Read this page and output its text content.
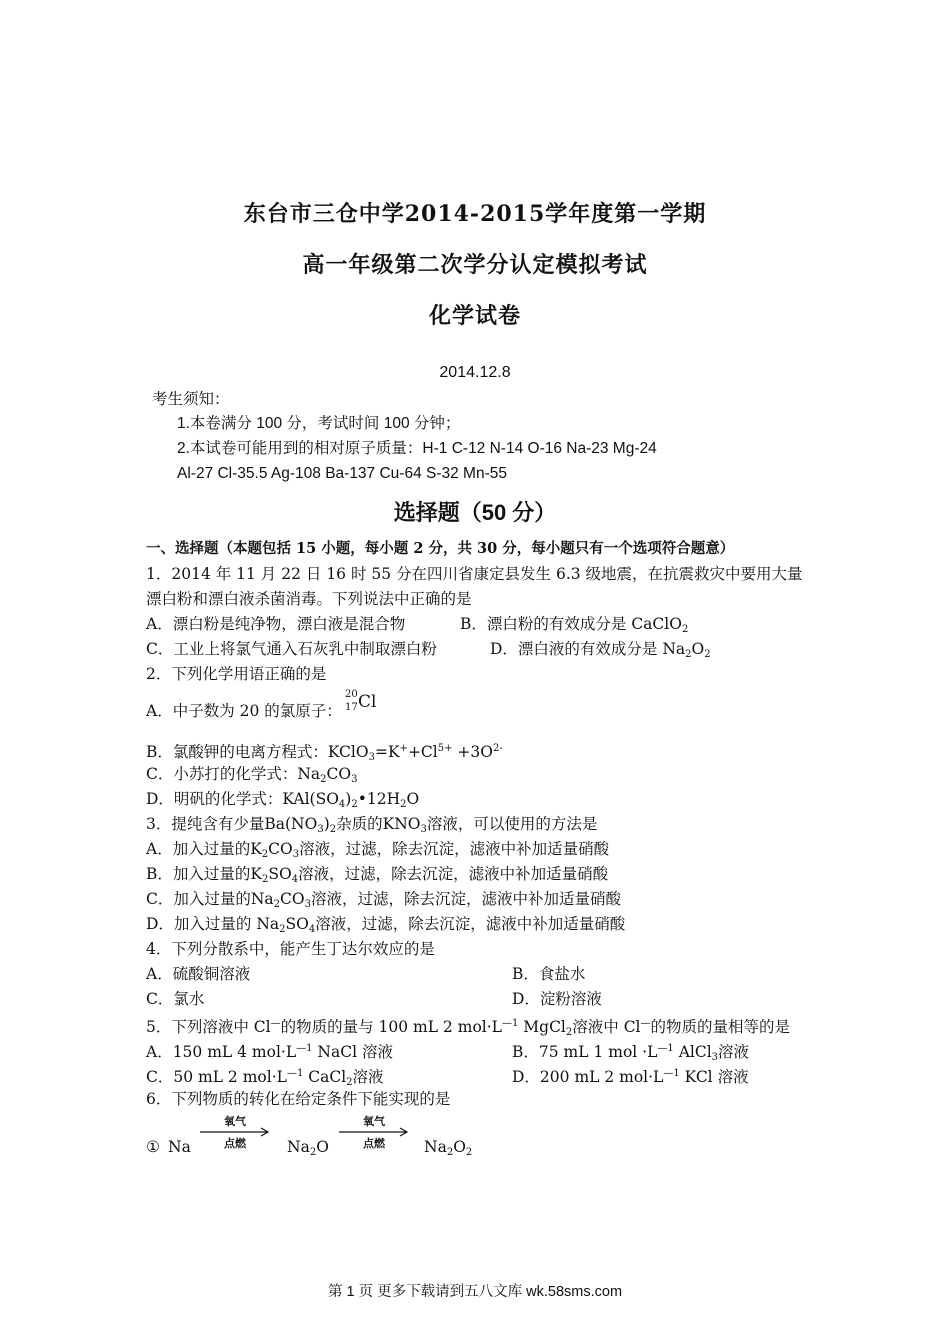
东台市三仓中学2014-2015学年度第一学期
高一年级第二次学分认定模拟考试
化学试卷
2014.12.8
考生须知：
1.本卷满分 100 分，考试时间 100 分钟；
2.本试卷可能用到的相对原子质量：H-1 C-12 N-14 O-16 Na-23 Mg-24
Al-27 Cl-35.5 Ag-108 Ba-137 Cu-64 S-32 Mn-55
选择题（50 分）
一、选择题（本题包括 15 小题，每小题 2 分，共 30 分，每小题只有一个选项符合题意）
1．2014 年 11 月 22 日 16 时 55 分在四川省康定县发生 6.3 级地震，在抗震救灾中要用大量
漂白粉和漂白液杀菌消毒。下列说法中正确的是
A．漂白粉是纯净物，漂白液是混合物	B．漂白粉的有效成分是 CaClO$_2$
C．工业上将氯气通入石灰乳中制取漂白粉	D．漂白液的有效成分是 $Na_2O_2$
2．下列化学用语正确的是
A．中子数为 20 的氯原子：
20
17 Cl
B．氯酸钾的电离方程式：$KClO_3=K^++Cl^{5+} +3O^{2-}$
C．小苏打的化学式：$Na_2CO_3$
D．明矾的化学式：$KAl(SO_4)_2•12H_2O$
3．提纯含有少量$Ba(NO_3)_2$杂质的$KNO_3$溶液，可以使用的方法是
A．加入过量的$K_2CO_3$溶液，过滤，除去沉淀，滤液中补加适量硝酸
B．加入过量的$K_2SO_4$溶液，过滤，除去沉淀，滤液中补加适量硝酸
C．加入过量的$Na_2CO_3$溶液，过滤，除去沉淀，滤液中补加适量硝酸
D．加入过量的 $Na_2SO_4$溶液，过滤，除去沉淀，滤液中补加适量硝酸
4．下列分散系中，能产生丁达尔效应的是
A．硫酸铜溶液	B．食盐水
C．氯水	D．淀粉溶液
5．下列溶液中 Cl—的物质的量与 100 mL 2 $mol\cdot L^{—1}$ MgCl$_2$溶液中 Cl—的物质的量相等的是
A．150 mL 4 $mol\cdot L^{—1}$ NaCl 溶液	B．75 mL 1 mol $\cdot L^{—1}$ AlCl$_3$溶液
C．50 mL 2 $mol\cdot L^{—1}$ CaCl$_2$溶液	D．200 mL 2 $mol\cdot L^{—1}$ KCl 溶液
6．下列物质的转化在给定条件下能实现的是
① Na
氧气
点燃	$Na_2O$
氧气
点燃	$Na_2O_2$
第 1 页 更多下载请到五八文库 wk.58sms.com
